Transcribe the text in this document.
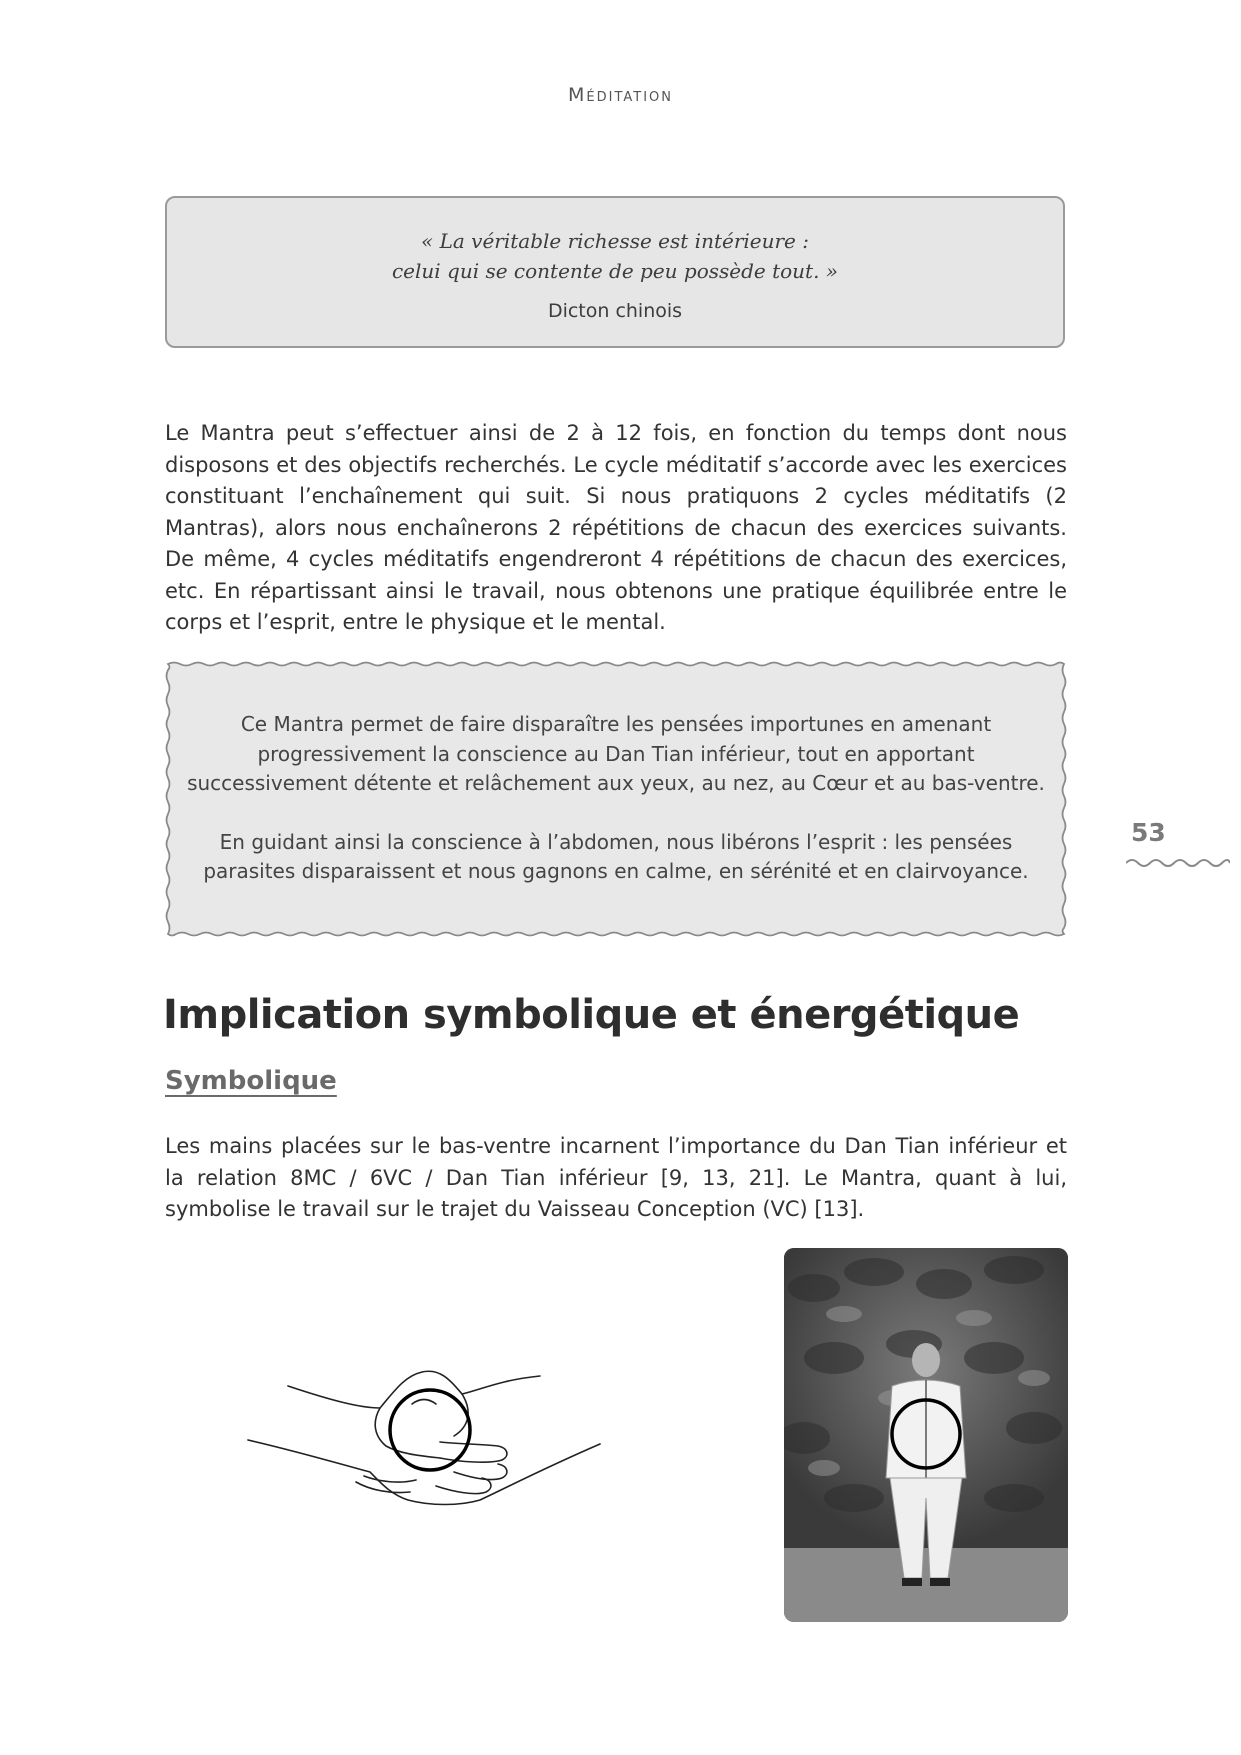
Méditation
« La véritable richesse est intérieure :
celui qui se contente de peu possède tout. »
Dicton chinois
Le Mantra peut s’effectuer ainsi de 2 à 12 fois, en fonction du temps dont nous disposons et des objectifs recherchés. Le cycle méditatif s’accorde avec les exercices constituant l’enchaînement qui suit. Si nous pratiquons 2 cycles méditatifs (2 Mantras), alors nous enchaînerons 2 répétitions de chacun des exercices suivants. De même, 4 cycles méditatifs engendreront 4 répétitions de chacun des exercices, etc. En répartissant ainsi le travail, nous obtenons une pratique équilibrée entre le corps et l’esprit, entre le physique et le mental.

Ce Mantra permet de faire disparaître les pensées importunes en amenant progressivement la conscience au Dan Tian inférieur, tout en apportant successivement détente et relâchement aux yeux, au nez, au Cœur et au bas-ventre.

En guidant ainsi la conscience à l’abdomen, nous libérons l’esprit : les pensées parasites disparaissent et nous gagnons en calme, en sérénité et en clairvoyance.

53
Implication symbolique et énergétique
Symbolique
Les mains placées sur le bas-ventre incarnent l’importance du Dan Tian inférieur et la relation 8MC / 6VC / Dan Tian inférieur [9, 13, 21]. Le Mantra, quant à lui, symbolise le travail sur le trajet du Vaisseau Conception (VC) [13].
